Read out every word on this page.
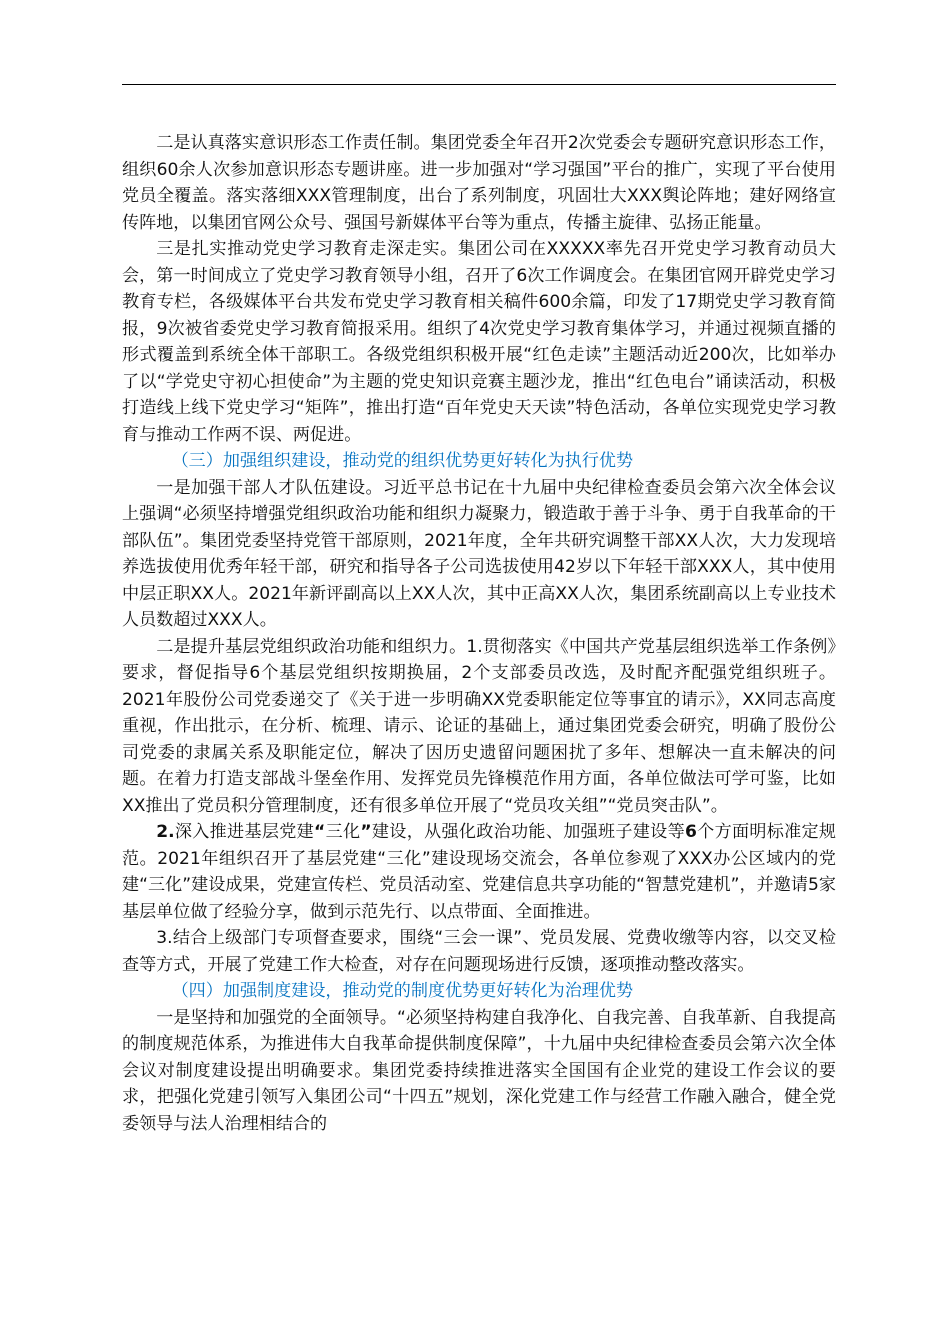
二是认真落实意识形态工作责任制。集团党委全年召开2次党委会专题研究意识形态工作，组织60余人次参加意识形态专题讲座。进一步加强对“学习强国”平台的推广，实现了平台使用党员全覆盖。落实落细XXX管理制度，出台了系列制度，巩固壮大XXX舆论阵地；建好网络宣传阵地，以集团官网公众号、强国号新媒体平台等为重点，传播主旋律、弘扬正能量。

三是扎实推动党史学习教育走深走实。集团公司在XXXXX率先召开党史学习教育动员大会，第一时间成立了党史学习教育领导小组，召开了6次工作调度会。在集团官网开辟党史学习教育专栏，各级媒体平台共发布党史学习教育相关稿件600余篇，印发了17期党史学习教育简报，9次被省委党史学习教育简报采用。组织了4次党史学习教育集体学习，并通过视频直播的形式覆盖到系统全体干部职工。各级党组织积极开展“红色走读”主题活动近200次，比如举办了以“学党史守初心担使命”为主题的党史知识竞赛主题沙龙，推出“红色电台”诵读活动，积极打造线上线下党史学习“矩阵”，推出打造“百年党史天天读”特色活动，各单位实现党史学习教育与推动工作两不误、两促进。

（三）加强组织建设，推动党的组织优势更好转化为执行优势

一是加强干部人才队伍建设。习近平总书记在十九届中央纪律检查委员会第六次全体会议上强调“必须坚持增强党组织政治功能和组织力凝聚力，锻造敢于善于斗争、勇于自我革命的干部队伍”。集团党委坚持党管干部原则，2021年度，全年共研究调整干部XX人次，大力发现培养选拔使用优秀年轻干部，研究和指导各子公司选拔使用42岁以下年轻干部XXX人，其中使用中层正职XX人。2021年新评副高以上XX人次，其中正高XX人次，集团系统副高以上专业技术人员数超过XXX人。

二是提升基层党组织政治功能和组织力。1.贯彻落实《中国共产党基层组织选举工作条例》要求，督促指导6个基层党组织按期换届，2个支部委员改选，及时配齐配强党组织班子。2021年股份公司党委递交了《关于进一步明确XX党委职能定位等事宜的请示》，XX同志高度重视，作出批示，在分析、梳理、请示、论证的基础上，通过集团党委会研究，明确了股份公司党委的隶属关系及职能定位，解决了因历史遗留问题困扰了多年、想解决一直未解决的问题。在着力打造支部战斗堡垒作用、发挥党员先锋模范作用方面，各单位做法可学可鉴，比如XX推出了党员积分管理制度，还有很多单位开展了“党员攻关组”“党员突击队”。

2.深入推进基层党建“三化”建设，从强化政治功能、加强班子建设等6个方面明标准定规范。2021年组织召开了基层党建“三化”建设现场交流会，各单位参观了XXX办公区域内的党建“三化”建设成果，党建宣传栏、党员活动室、党建信息共享功能的“智慧党建机”，并邀请5家基层单位做了经验分享，做到示范先行、以点带面、全面推进。

3.结合上级部门专项督查要求，围绕“三会一课”、党员发展、党费收缴等内容，以交叉检查等方式，开展了党建工作大检查，对存在问题现场进行反馈，逐项推动整改落实。

（四）加强制度建设，推动党的制度优势更好转化为治理优势

一是坚持和加强党的全面领导。“必须坚持构建自我净化、自我完善、自我革新、自我提高的制度规范体系，为推进伟大自我革命提供制度保障”，十九届中央纪律检查委员会第六次全体会议对制度建设提出明确要求。集团党委持续推进落实全国国有企业党的建设工作会议的要求，把强化党建引领写入集团公司“十四五”规划，深化党建工作与经营工作融入融合，健全党委领导与法人治理相结合的
